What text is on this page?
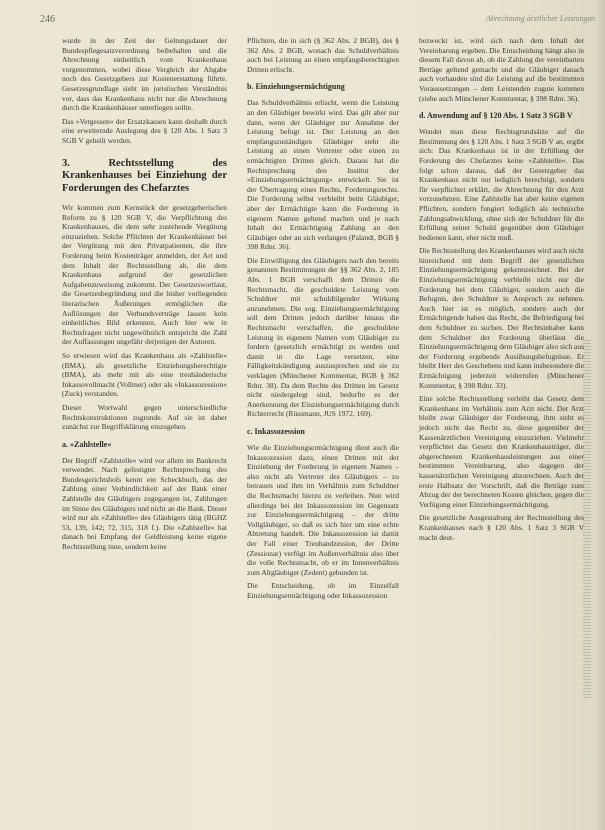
246	Abrechnung ärztlicher Leistungen

wurde in der Zeit der Geltungsdauer der Bundespflegesatzverordnung beibehalten und die Abrechnung einheitlich vom Krankenhaus vorgenommen, wobei diese Vergleich der Abgabe noch des Gesetzgebers zur Kostenerstattung führte. Gesetzesgrundlage sieht im juristischen Verständnis vor, dass das Krankenhaus nicht nur die Abrechnung durch die Krankenhäuser unterliegen sollte.

Das »Vergessen« der Ersatzkassen kann deshalb durch eine erweiternde Auslegung des § 120 Abs. 1 Satz 3 SGB V geheilt werden.

3. Rechtsstellung des Krankenhauses bei Einziehung der Forderungen des Chefarztes

Wir kommen zum Kernstück der gesetzgeberischen Reform zu § 120 SGB V, die Verpflichtung des Krankenhauses, die dem sehr zustehende Vergütung einzuziehen. Solche Pflichten der Krankenhäuser bei der Vergütung mit den Privatpatienten, die ihre Forderung beim Kostenträger anmelden, der Art und dem Inhalt der Rechtsstellung ab, die dem Krankenhaus aufgrund der gesetzlichen Aufgabenzuweisung zukommt. Der Gesetzeswortlaut, die Gesetzesbegründung und die bisher vorliegenden literarischen Äußerungen ermöglichen die Auflösungen der Verbundsverträge lassen kein einheitliches Bild erkennen. Auch hier wie in Rechtsfragen nicht ungewöhnlich entspricht die Zahl der Auffassungen ungefähr derjenigen der Autoren.

So erwiesen wird das Krankenhaus als »Zahlstelle« (BMA), als gesetzliche Einziehungsberechtigte (BMA), als mehr mit als eine treuhänderische Inkassovollmacht (Vollmer) oder als »Inkassozession« (Zuck) verstanden.

Dieser Wortwahl gegen unterschiedliche Rechtskonstruktionen zugrunde. Auf sie ist daher zunächst zur Begriffsklärung einzugehen.

a. »Zahlstelle«

Der Begriff »Zahlstelle« wird vor allem im Bankrecht verwendet. Nach gefestigter Rechtsprechung des Bundesgerichtshofs kennt ein Scheckbuch, das der Zahlung einer Verbindlichkeit auf der Bank einer Zahlstelle des Gläubigers zugegangen ist, Zahlungen im Sinne des Gläubigers und nicht an die Bank. Dieser wird nur als »Zahlstelle« des Gläubigers tätig (BGHZ 53, 139, 142; 72, 315, 318 f.). Die »Zahlstelle« hat danach bei Empfang der Geldleistung keine eigene Rechtsstellung inne, sondern keine

Pflichten, die in sich (§ 362 Abs. 2 BGB), des § 362 Abs. 2 BGB, wonach das Schuldverhältnis auch bei Leistung an einen empfangsberechtigten Dritten erlischt.

b. Einziehungsermächtigung

Das Schuldverhältnis erlischt, wenn die Leistung an den Gläubiger bewirkt wird. Das gilt aber nur dann, wenn der Gläubiger zur Annahme der Leistung befugt ist. Der Leistung an den empfangszuständigen Gläubiger steht die Leistung an einen Vertreter oder einen zu ermächtigten Dritten gleich. Daraus hat die Rechtsprechung den Institut der »Einziehungsermächtigung« entwickelt. Sie ist der Übertragung eines Rechts, Forderungsrechts. Die Forderung selbst verbleibt beim Gläubiger, aber der Ermächtigte kann die Forderung in eigenem Namen geltend machen und je nach Inhalt der Ermächtigung Zahlung an den Gläubiger oder an sich verlangen (Palandt, BGB § 398 Rdnr. 36).

Die Einwilligung des Gläubigers nach den bereits genannten Bestimmungen der §§ 362 Abs. 2, 185 Abs. 1 BGB verschafft dem Dritten die Rechtsmacht, die geschuldete Leistung vom Schuldner mit schuldtilgender Wirkung anzunehmen. Die sog. Einziehungsermächtigung soll dem Dritten jedoch darüber hinaus die Rechtsmacht verschaffen, die geschuldete Leistung in eigenem Namen vom Gläubiger zu fordern (gesetzlich ermächtigt zu werden und damit in die Lage versetzen, eine Fälligkeitskündigung auszusprechen und sie zu verklagen (Münchener Kommentar, BGB § 362 Rdnr. 38). Da dem Rechte des Dritten im Gesetz nicht niedergelegt sind, bedurfte es der Anerkennung der Einziehungsermächtigung durch Richterrecht (Rüssmann, JUS 1972, 169).

c. Inkassozession

Wie die Einziehungsermächtigung dient auch die Inkassozession dazu, einen Dritten mit der Einziehung der Forderung in eigenem Namen – also nicht als Vertreter des Gläubigers – zu betrauen und ihm im Verhältnis zum Schuldner die Rechtsmacht hierzu zu verleihen. Nun wird allerdings bei der Inkassozession im Gegensatz zur Einziehungsermächtigung – der dritte Vollgläubiger, so daß es sich hier um eine echte Abtretung handelt. Die Inkassozession ist damit der Fall einer Treuhandzession, der Dritte (Zessionar) verfügt im Außenverhältnis also über die volle Rechtsmacht, ob er im Innenverhältnis zum Altgläubiger (Zedent) gebunden ist.

Die Entscheidung, ob im Einzelfall Einziehungsermächtigung oder Inkassozession

bezweckt ist, wird sich nach dem Inhalt der Vereinbarung ergeben. Die Entscheidung hängt also in diesem Fall davon ab, ob die Zahlung der vereinbarten Beträge geltend gemacht und die Gläubiger danach auch vorhanden sind die Leistung auf die bestimmten Voraussetzungen – dem Leistenden zugute kommen (siehe auch Münchener Kommentar, § 398 Rdnr. 36).

d. Anwendung auf § 120 Abs. 1 Satz 3 SGB V

Wendet man diese Rechtsgrundsätze auf die Bestimmung des § 120 Abs. 1 Satz 3 SGB V an, ergibt sich: Das Krankenhaus ist in der Erfüllung der Forderung des Chefarztes keine »Zahlstelle«. Das folgt schon daraus, daß der Gesetzgeber das Krankenhaus nicht nur lediglich berechtigt, sondern für verpflichtet erklärt, die Abrechnung für den Arzt vorzunehmen. Eine Zahlstelle hat aber keine eigenen Pflichten, sondern fungiert lediglich als technische Zahlungsabwicklung, ohne sich der Schuldner für die Erfüllung seiner Schuld gegenüber dem Gläubiger bedienen kann, eher nicht muß.

Die Rechtsstellung des Krankenhauses wird auch nicht hinreichend mit dem Begriff der gesetzlichen Einziehungsermächtigung gekennzeichnet. Bei der Einziehungsermächtigung verbleibt nicht nur die Forderung bei dem Gläubiger, sondern auch die Befugnis, den Schuldner in Anspruch zu nehmen. Auch hier ist es möglich, sondern auch der Ermächtigende haben das Recht, die Befriedigung bei dem Schuldner zu suchen. Der Rechtsinhaber kann dem Schuldner der Forderung überlässt die Einziehungsermächtigung dem Gläubiger also sich aus der Forderung ergebende Ausübungsbefugnisse. Er bleibt Herr des Geschehens und kann insbesondere die Ermächtigung jederzeit widerrufen (Münchener Kommentar, § 398 Rdnr. 33).

Eine solche Rechtsstellung verleiht das Gesetz dem Krankenhaus im Verhältnis zum Arzt nicht. Der Arzt bleibt zwar Gläubiger der Forderung, ihm steht es jedoch nicht das Recht zu, diese gegenüber der Kassenärztlichen Vereinigung einzuziehen. Vielmehr verpflichtet das Gesetz den Krankenhausträger, die abgerechneten Krankenhausleistungen aus einer bestimmten Vereinbarung, also dagegen der kassenärztlichen Vereinigung abzurechnen. Auch der erste Halbsatz der Vorschrift, daß die Beträge zum Abzug der der berechneten Kosten gleichen, gegen die Verfügung einer Einziehungsermächtigung.

Die gesetzliche Ausgestaltung der Rechtsstellung des Krankenhauses nach § 120 Abs. 1 Satz 3 SGB V macht deut-
